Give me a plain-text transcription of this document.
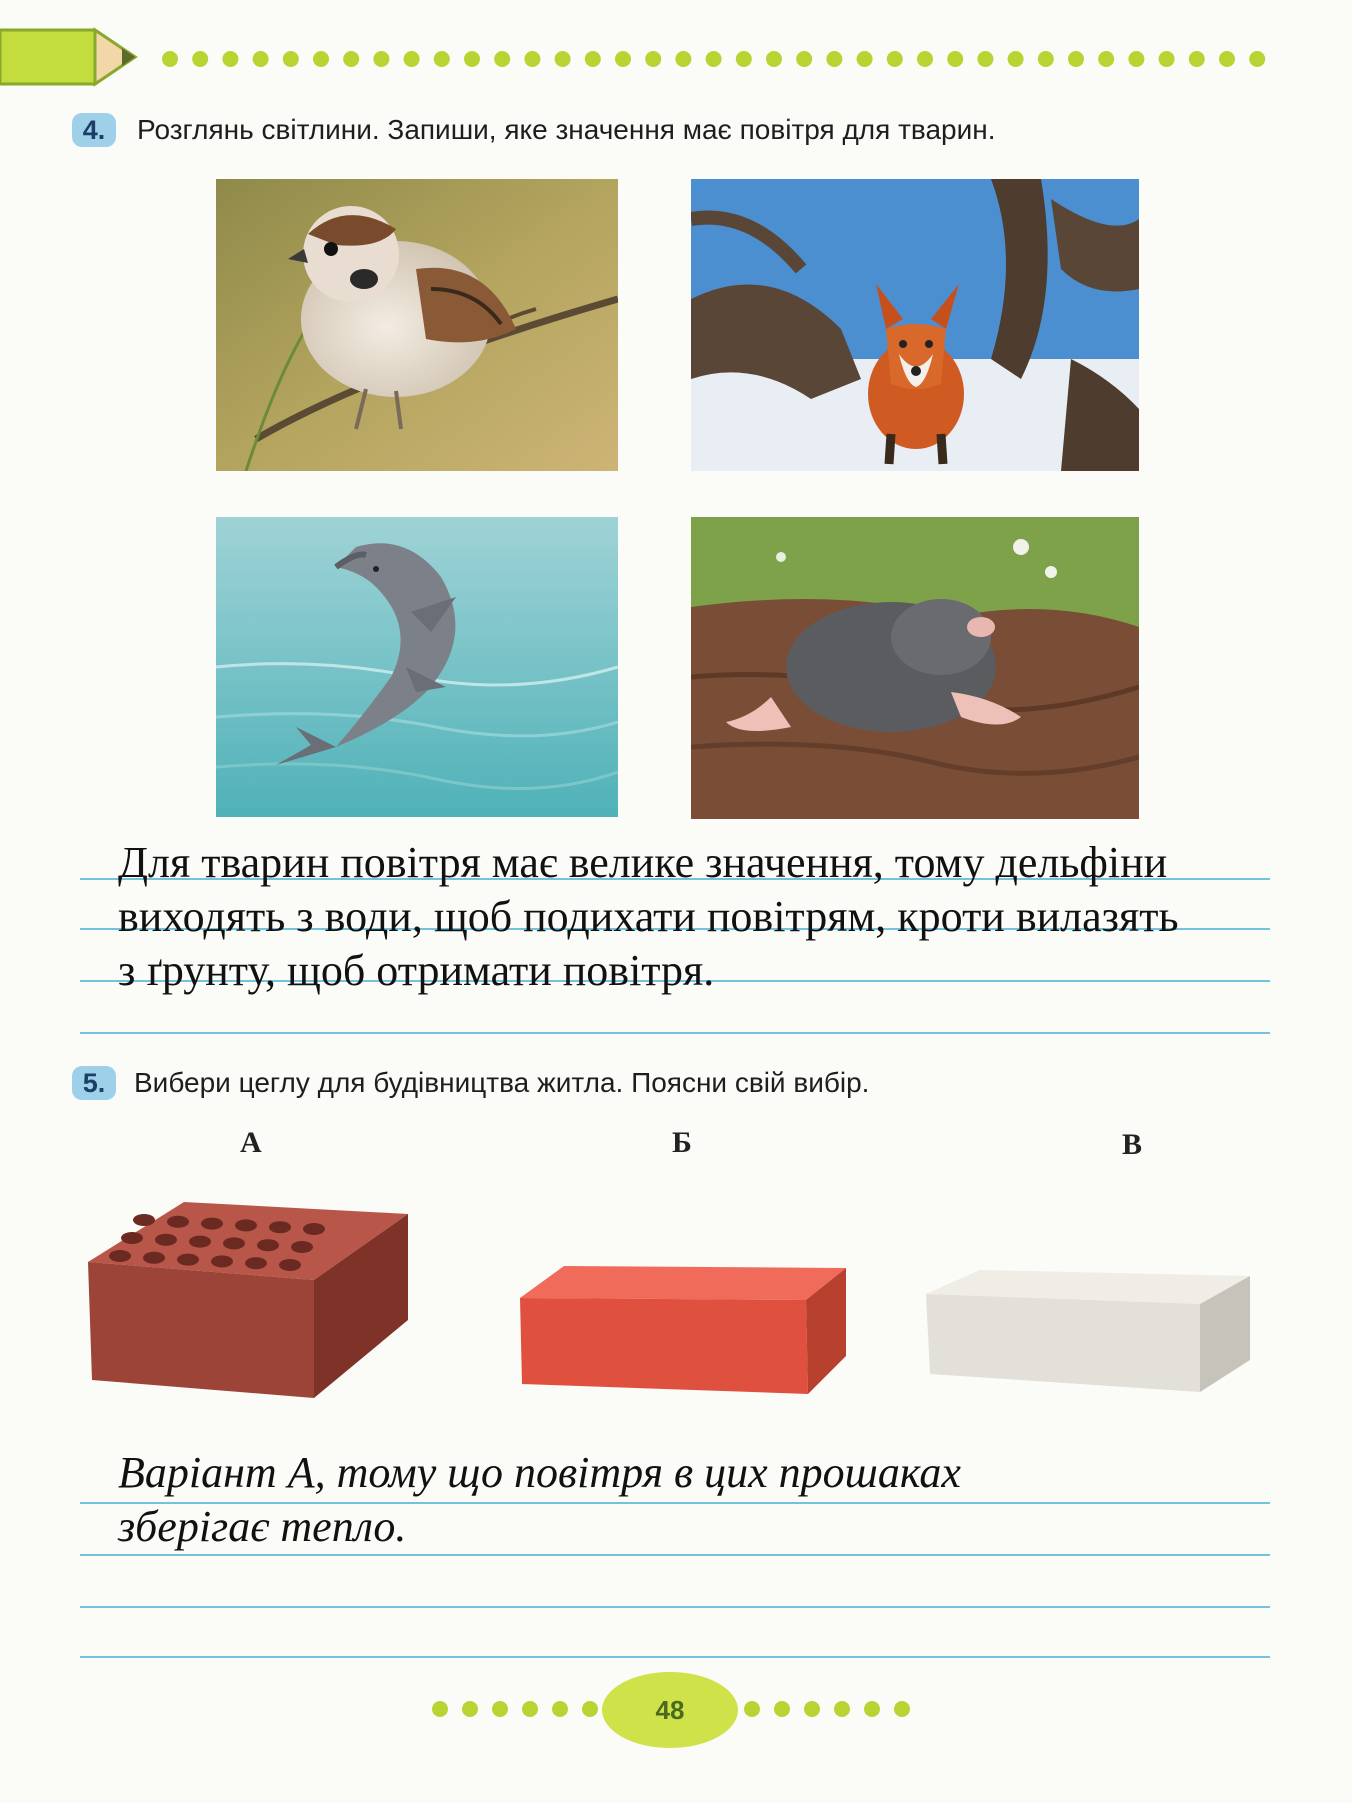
4.	Розглянь світлини. Запиши, яке значення має повітря для тварин.
Для тварин повітря має велике значення, тому дельфіни
виходять з води, щоб подихати повітрям, кроти вилазять
з ґрунту, щоб отримати повітря.
5.	Вибери цеглу для будівництва житла. Поясни свій вибір.
А	Б	В
Варіант А, тому що повітря в цих прошаках
зберігає тепло.
48
